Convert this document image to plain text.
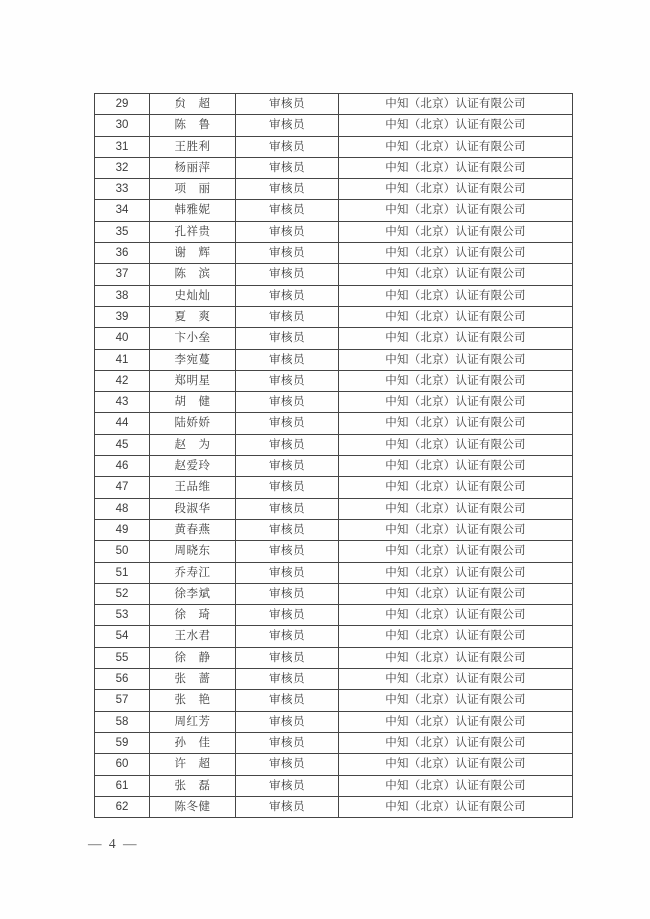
29	贠　超	审核员	中知（北京）认证有限公司
30	陈　鲁	审核员	中知（北京）认证有限公司
31	王胜利	审核员	中知（北京）认证有限公司
32	杨丽萍	审核员	中知（北京）认证有限公司
33	项　丽	审核员	中知（北京）认证有限公司
34	韩雅妮	审核员	中知（北京）认证有限公司
35	孔祥贵	审核员	中知（北京）认证有限公司
36	谢　辉	审核员	中知（北京）认证有限公司
37	陈　滨	审核员	中知（北京）认证有限公司
38	史灿灿	审核员	中知（北京）认证有限公司
39	夏　爽	审核员	中知（北京）认证有限公司
40	卞小垒	审核员	中知（北京）认证有限公司
41	李宛蔓	审核员	中知（北京）认证有限公司
42	郑明星	审核员	中知（北京）认证有限公司
43	胡　健	审核员	中知（北京）认证有限公司
44	陆娇娇	审核员	中知（北京）认证有限公司
45	赵　为	审核员	中知（北京）认证有限公司
46	赵爱玲	审核员	中知（北京）认证有限公司
47	王品维	审核员	中知（北京）认证有限公司
48	段淑华	审核员	中知（北京）认证有限公司
49	黄春燕	审核员	中知（北京）认证有限公司
50	周晓东	审核员	中知（北京）认证有限公司
51	乔寿江	审核员	中知（北京）认证有限公司
52	徐李斌	审核员	中知（北京）认证有限公司
53	徐　琦	审核员	中知（北京）认证有限公司
54	王水君	审核员	中知（北京）认证有限公司
55	徐　静	审核员	中知（北京）认证有限公司
56	张　蔷	审核员	中知（北京）认证有限公司
57	张　艳	审核员	中知（北京）认证有限公司
58	周红芳	审核员	中知（北京）认证有限公司
59	孙　佳	审核员	中知（北京）认证有限公司
60	许　超	审核员	中知（北京）认证有限公司
61	张　磊	审核员	中知（北京）认证有限公司
62	陈冬健	审核员	中知（北京）认证有限公司
— 4 —
